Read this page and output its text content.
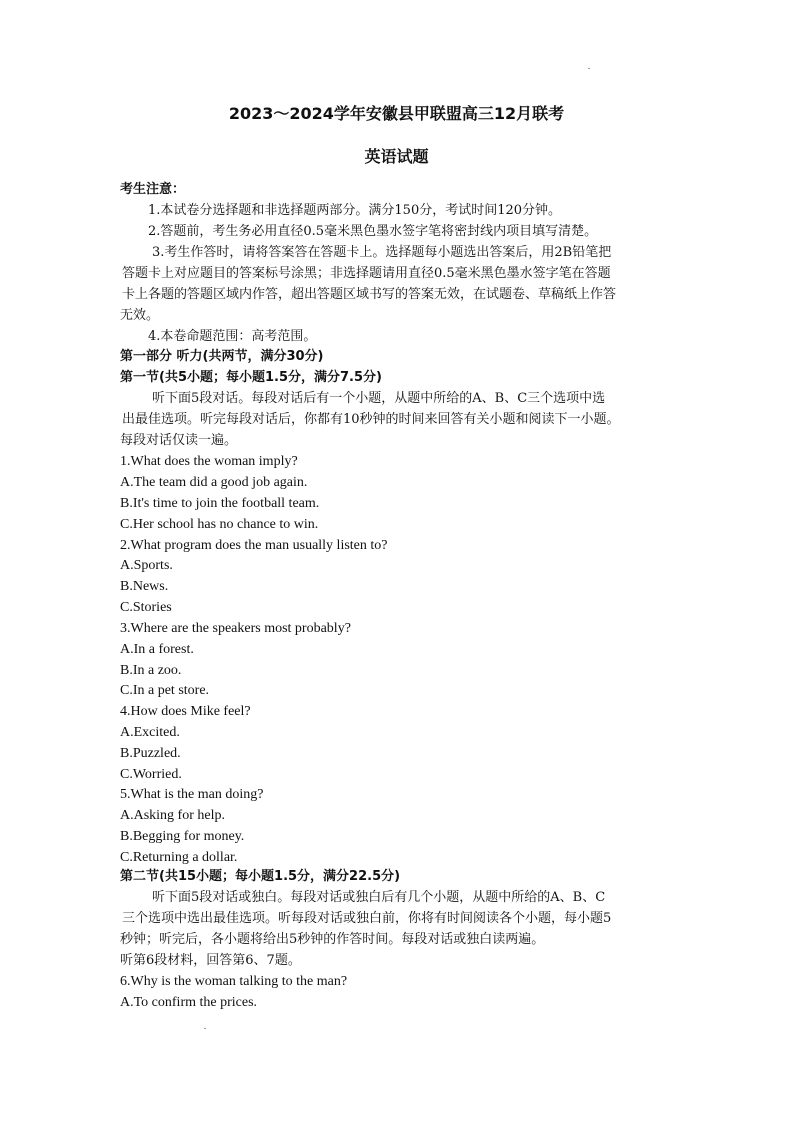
2023～2024学年安徽县甲联盟高三12月联考
英语试题
考生注意：
1.本试卷分选择题和非选择题两部分。满分150分，考试时间120分钟。
2.答题前，考生务必用直径0.5毫米黑色墨水签字笔将密封线内项目填写清楚。
3.考生作答时，请将答案答在答题卡上。选择题每小题选出答案后，用2B铅笔把
答题卡上对应题目的答案标号涂黑；非选择题请用直径0.5毫米黑色墨水签字笔在答题
卡上各题的答题区域内作答，超出答题区域书写的答案无效，在试题卷、草稿纸上作答
无效。
4.本卷命题范围：高考范围。
第一部分 听力(共两节，满分30分)
第一节(共5小题；每小题1.5分，满分7.5分)
听下面5段对话。每段对话后有一个小题，从题中所给的A、B、C三个选项中选
出最佳选项。听完每段对话后，你都有10秒钟的时间来回答有关小题和阅读下一小题。
每段对话仅读一遍。
1.What does the woman imply?
A.The team did a good job again.
B.It's time to join the football team.
C.Her school has no chance to win.
2.What program does the man usually listen to?
A.Sports.
B.News.
C.Stories
3.Where are the speakers most probably?
A.In a forest.
B.In a zoo.
C.In a pet store.
4.How does Mike feel?
A.Excited.
B.Puzzled.
C.Worried.
5.What is the man doing?
A.Asking for help.
B.Begging for money.
C.Returning a dollar.
第二节(共15小题；每小题1.5分，满分22.5分)
听下面5段对话或独白。每段对话或独白后有几个小题，从题中所给的A、B、C
三个选项中选出最佳选项。听每段对话或独白前，你将有时间阅读各个小题，每小题5
秒钟；听完后，各小题将给出5秒钟的作答时间。每段对话或独白读两遍。
听第6段材料，回答第6、7题。
6.Why is the woman talking to the man?
A.To confirm the prices.
